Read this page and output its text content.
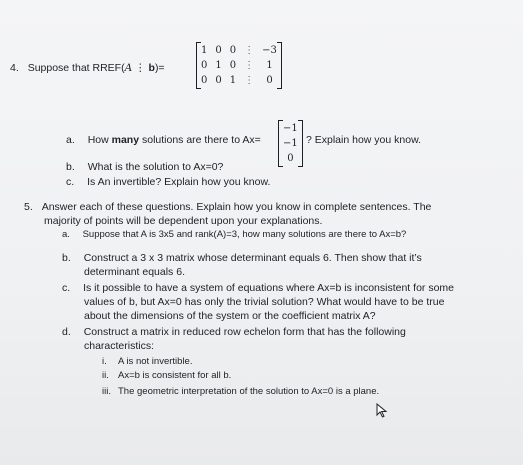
4. Suppose that RREF(A ⋮ b)=
1 0 0 ⋮ −3
0 1 0 ⋮	1
0 0 1 ⋮	0
a. How many solutions are there to Ax=
−1
−1
0
? Explain how you know.
b. What is the solution to Ax=0?
c. Is An invertible? Explain how you know.
5. Answer each of these questions. Explain how you know in complete sentences. The
majority of points will be dependent upon your explanations.
a. Suppose that A is 3x5 and rank(A)=3, how many solutions are there to Ax=b?
b. Construct a 3 x 3 matrix whose determinant equals 6. Then show that it’s
determinant equals 6.
c. Is it possible to have a system of equations where Ax=b is inconsistent for some
values of b, but Ax=0 has only the trivial solution? What would have to be true
about the dimensions of the system or the coefficient matrix A?
d. Construct a matrix in reduced row echelon form that has the following
characteristics:
i. A is not invertible.
ii. Ax=b is consistent for all b.
iii. The geometric interpretation of the solution to Ax=0 is a plane.
